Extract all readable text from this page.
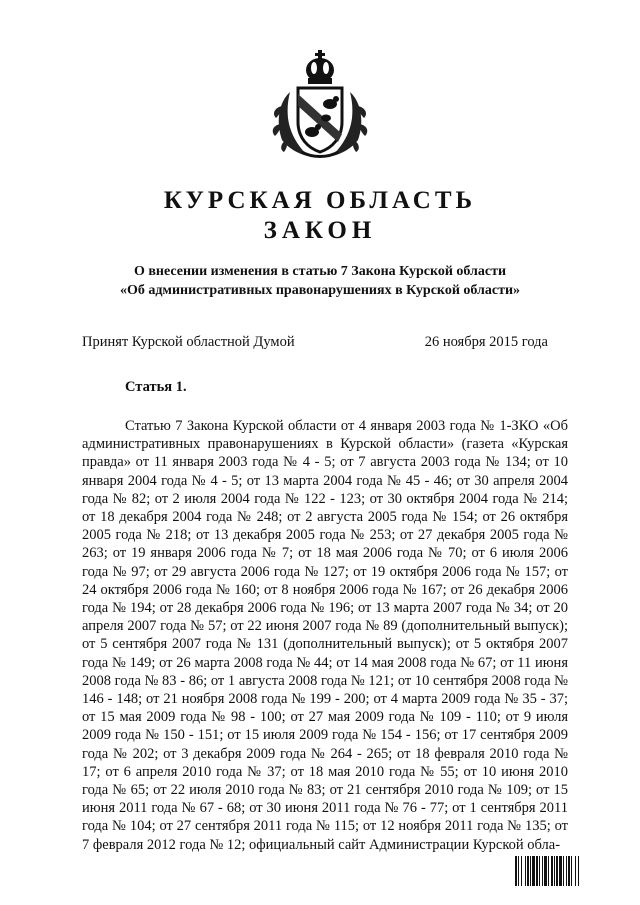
КУРСКАЯ ОБЛАСТЬ
ЗАКОН
О внесении изменения в статью 7 Закона Курской области
«Об административных правонарушениях в Курской области»
Принят Курской областной Думой	26 ноября 2015 года
Статья 1.

Статью 7 Закона Курской области от 4 января 2003 года № 1-ЗКО «Об административных правонарушениях в Курской области» (газета «Курская правда» от 11 января 2003 года № 4 - 5; от 7 августа 2003 года № 134; от 10 января 2004 года № 4 - 5; от 13 марта 2004 года № 45 - 46; от 30 апреля 2004 года № 82; от 2 июля 2004 года № 122 - 123; от 30 октября 2004 года № 214; от 18 декабря 2004 года № 248; от 2 августа 2005 года № 154; от 26 октября 2005 года № 218; от 13 декабря 2005 года № 253; от 27 декабря 2005 года № 263; от 19 января 2006 года № 7; от 18 мая 2006 года № 70; от 6 июля 2006 года № 97; от 29 августа 2006 года № 127; от 19 октября 2006 года № 157; от 24 октября 2006 года № 160; от 8 ноября 2006 года № 167; от 26 декабря 2006 года № 194; от 28 декабря 2006 года № 196; от 13 марта 2007 года № 34; от 20 апреля 2007 года № 57; от 22 июня 2007 года № 89 (дополнительный выпуск); от 5 сентября 2007 года № 131 (дополнительный выпуск); от 5 октября 2007 года № 149; от 26 марта 2008 года № 44; от 14 мая 2008 года № 67; от 11 июня 2008 года № 83 - 86; от 1 августа 2008 года № 121; от 10 сентября 2008 года № 146 - 148; от 21 ноября 2008 года № 199 - 200; от 4 марта 2009 года № 35 - 37; от 15 мая 2009 года № 98 - 100; от 27 мая 2009 года № 109 - 110; от 9 июля 2009 года № 150 - 151; от 15 июля 2009 года № 154 - 156; от 17 сентября 2009 года № 202; от 3 декабря 2009 года № 264 - 265; от 18 февраля 2010 года № 17; от 6 апреля 2010 года № 37; от 18 мая 2010 года № 55; от 10 июня 2010 года № 65; от 22 июля 2010 года № 83; от 21 сентября 2010 года № 109; от 15 июня 2011 года № 67 - 68; от 30 июня 2011 года № 76 - 77; от 1 сентября 2011 года № 104; от 27 сентября 2011 года № 115; от 12 ноября 2011 года № 135; от 7 февраля 2012 года № 12; официальный сайт Администрации Курской обла-
